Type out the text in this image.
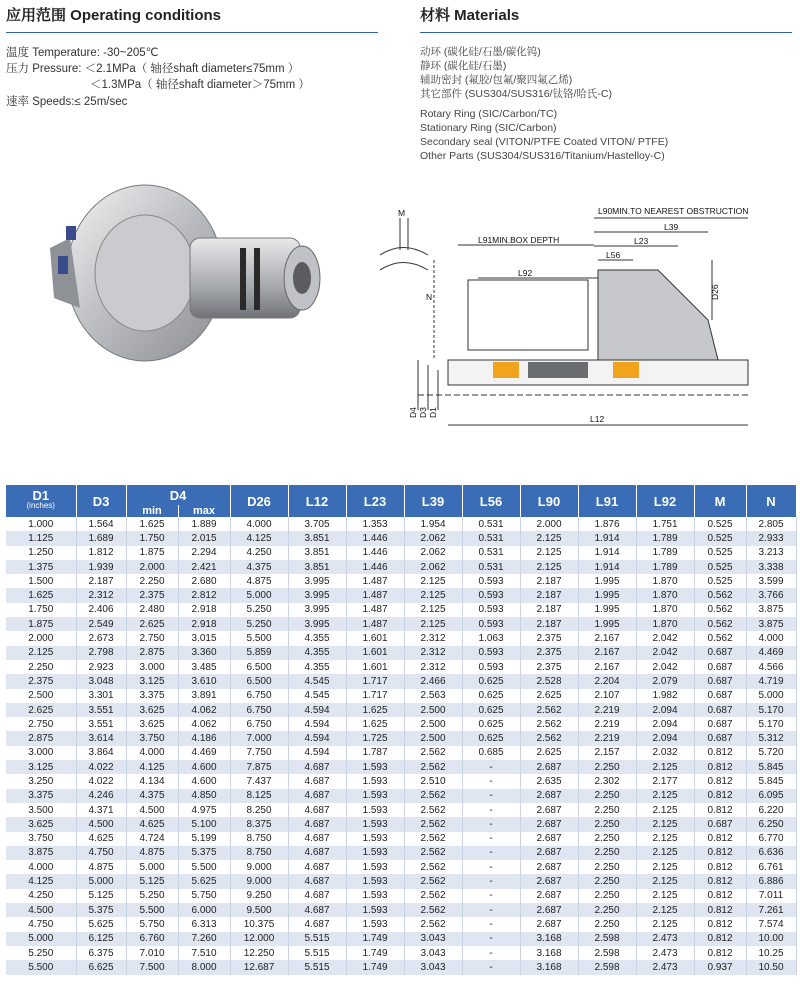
应用范围 Operating conditions
温度 Temperature: -30~205℃
压力 Pressure: ＜2.1MPa（ 轴径shaft diameter≤75mm ）
＜1.3MPa（ 轴径shaft diameter＞75mm ）
速率 Speeds:≤ 25m/sec
材料 Materials
动环 (碳化硅/石墨/碳化钨)
静环 (碳化硅/石墨)
辅助密封 (氟胶/包氟/聚四氟乙烯)
其它部件 (SUS304/SUS316/钛铬/哈氏-C)
Rotary Ring (SIC/Carbon/TC)
Stationary Ring (SIC/Carbon)
Secondary seal (VITON/PTFE Coated VITON/ PTFE)
Other Parts (SUS304/SUS316/Titanium/Hastelloy-C)
M
N
L90MIN.TO NEAREST OBSTRUCTION
L39
L91MIN.BOX DEPTH	L23
L56
L92
D26
D4 D3 D1
L12
D1
(inches)	D3	D4		D26	L12	L23	L39	L56	L90	L91	L92	M	N
		min	max										
1.000	1.564	1.625	1.889	4.000	3.705	1.353	1.954	0.531	2.000	1.876	1.751	0.525	2.805
1.125	1.689	1.750	2.015	4.125	3.851	1.446	2.062	0.531	2.125	1.914	1.789	0.525	2.933
1.250	1.812	1.875	2.294	4.250	3.851	1.446	2.062	0.531	2.125	1.914	1.789	0.525	3.213
1.375	1.939	2.000	2.421	4.375	3.851	1.446	2.062	0.531	2.125	1.914	1.789	0.525	3.338
1.500	2.187	2.250	2.680	4.875	3.995	1.487	2.125	0.593	2.187	1.995	1.870	0.525	3.599
1.625	2.312	2.375	2.812	5.000	3.995	1.487	2.125	0.593	2.187	1.995	1.870	0.562	3.766
1.750	2.406	2.480	2.918	5.250	3.995	1.487	2.125	0.593	2.187	1.995	1.870	0.562	3.875
1.875	2.549	2.625	2.918	5.250	3.995	1.487	2.125	0.593	2.187	1.995	1.870	0.562	3.875
2.000	2.673	2.750	3.015	5.500	4.355	1.601	2.312	1.063	2.375	2.167	2.042	0.562	4.000
2.125	2.798	2.875	3.360	5.859	4.355	1.601	2.312	0.593	2.375	2.167	2.042	0.687	4.469
2.250	2.923	3.000	3.485	6.500	4.355	1.601	2.312	0.593	2.375	2.167	2.042	0.687	4.566
2.375	3.048	3.125	3.610	6.500	4.545	1.717	2.466	0.625	2.528	2.204	2.079	0.687	4.719
2.500	3.301	3.375	3.891	6.750	4.545	1.717	2.563	0.625	2.625	2.107	1.982	0.687	5.000
2.625	3.551	3.625	4.062	6.750	4.594	1.625	2.500	0.625	2.562	2.219	2.094	0.687	5.170
2.750	3.551	3.625	4.062	6.750	4.594	1.625	2.500	0.625	2.562	2.219	2.094	0.687	5.170
2.875	3.614	3.750	4.186	7.000	4.594	1.725	2.500	0.625	2.562	2.219	2.094	0.687	5.312
3.000	3.864	4.000	4.469	7.750	4.594	1.787	2.562	0.685	2.625	2.157	2.032	0.812	5.720
3.125	4.022	4.125	4.600	7.875	4.687	1.593	2.562	-	2.687	2.250	2.125	0.812	5.845
3.250	4.022	4.134	4.600	7.437	4.687	1.593	2.510	-	2.635	2.302	2.177	0.812	5.845
3.375	4.246	4.375	4.850	8.125	4.687	1.593	2.562	-	2.687	2.250	2.125	0.812	6.095
3.500	4.371	4.500	4.975	8.250	4.687	1.593	2.562	-	2.687	2.250	2.125	0.812	6.220
3.625	4.500	4.625	5.100	8.375	4.687	1.593	2.562	-	2.687	2.250	2.125	0.687	6.250
3.750	4.625	4.724	5.199	8.750	4.687	1.593	2.562	-	2.687	2.250	2.125	0.812	6.770
3.875	4.750	4.875	5.375	8.750	4.687	1.593	2.562	-	2.687	2.250	2.125	0.812	6.636
4.000	4.875	5.000	5.500	9.000	4.687	1.593	2.562	-	2.687	2.250	2.125	0.812	6.761
4.125	5.000	5.125	5.625	9.000	4.687	1.593	2.562	-	2.687	2.250	2.125	0.812	6.886
4.250	5.125	5.250	5.750	9.250	4.687	1.593	2.562	-	2.687	2.250	2.125	0.812	7.011
4.500	5.375	5.500	6.000	9.500	4.687	1.593	2.562	-	2.687	2.250	2.125	0.812	7.261
4.750	5.625	5.750	6.313	10.375	4.687	1.593	2.562	-	2.687	2.250	2.125	0.812	7.574
5.000	6.125	6.760	7.260	12.000	5.515	1.749	3.043	-	3.168	2.598	2.473	0.812	10.00
5.250	6.375	7.010	7.510	12.250	5.515	1.749	3.043	-	3.168	2.598	2.473	0.812	10.25
5.500	6.625	7.500	8.000	12.687	5.515	1.749	3.043	-	3.168	2.598	2.473	0.937	10.50
